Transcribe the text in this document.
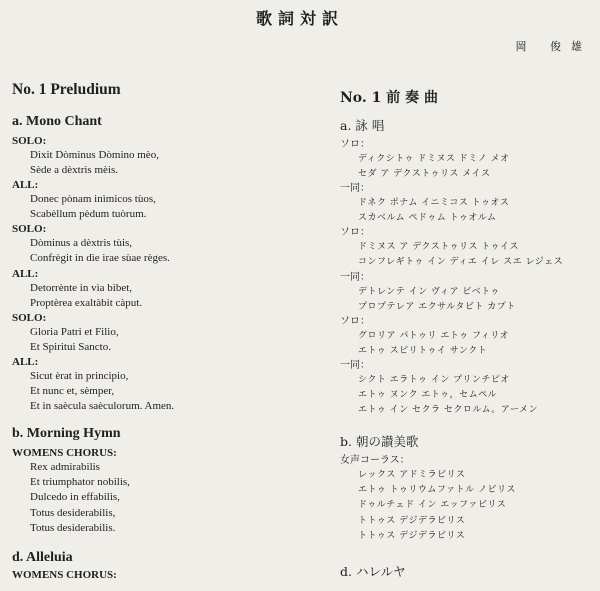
歌詞対訳
岡 俊雄

No. 1 Preludium

a. Mono Chant

SOLO:

Dìxit Dòminus Dòmino mèo,

Sède a dèxtris mèis.

ALL:

Donec pònam inìmicos tùos,

Scabèllum pèdum tuòrum.

SOLO:

Dòminus a dèxtris tùis,

Confrègit in dìe irae sùae règes.

ALL:

Detorrènte in vìa bìbet,

Proptèrea exaltàbit càput.

SOLO:

Gloria Patri et Filio,

Et Spiritui Sancto.

ALL:

Sicut èrat in principio,

Et nunc et, sèmper,

Et in saècula saèculorum. Amen.

b. Morning Hymn

WOMENS CHORUS:

Rex admirabilis

Et triumphator nobilis,

Dulcedo in effabilis,

Totus desiderabilis,

Totus desiderabilis.

d. Alleluia

WOMENS CHORUS:

No. 1 前 奏 曲

a. 詠 唱

ソロ：

ディクシトゥ ドミヌス ドミノ メオ

セダ ア デクストゥリス メイス

一同：

ドネク ポナム イニミコス トゥオス

スカベルム ペドゥム トゥオルム

ソロ：

ドミヌス ア デクストゥリス トゥイス

コンフレギトゥ イン ディエ イレ スエ レジェス

一同：

デトレンテ イン ヴィア ビベトゥ

プロプテレア エクサルタビト カプト

ソロ：

グロリア パトゥリ エトゥ フィリオ

エトゥ スピリトゥイ サンクト

一同：

シクト エラトゥ イン プリンチピオ

エトゥ ヌンク エトゥ，セムペル

エトゥ イン セクラ セクロルム。アーメン

b. 朝の讃美歌

女声コーラス：

レックス アドミラビリス

エトゥ トゥリウムファトル ノビリス

ドゥルチェド イン エッファビリス

トトゥス デジデラビリス

トトゥス デジデラビリス

d. ハレルヤ
